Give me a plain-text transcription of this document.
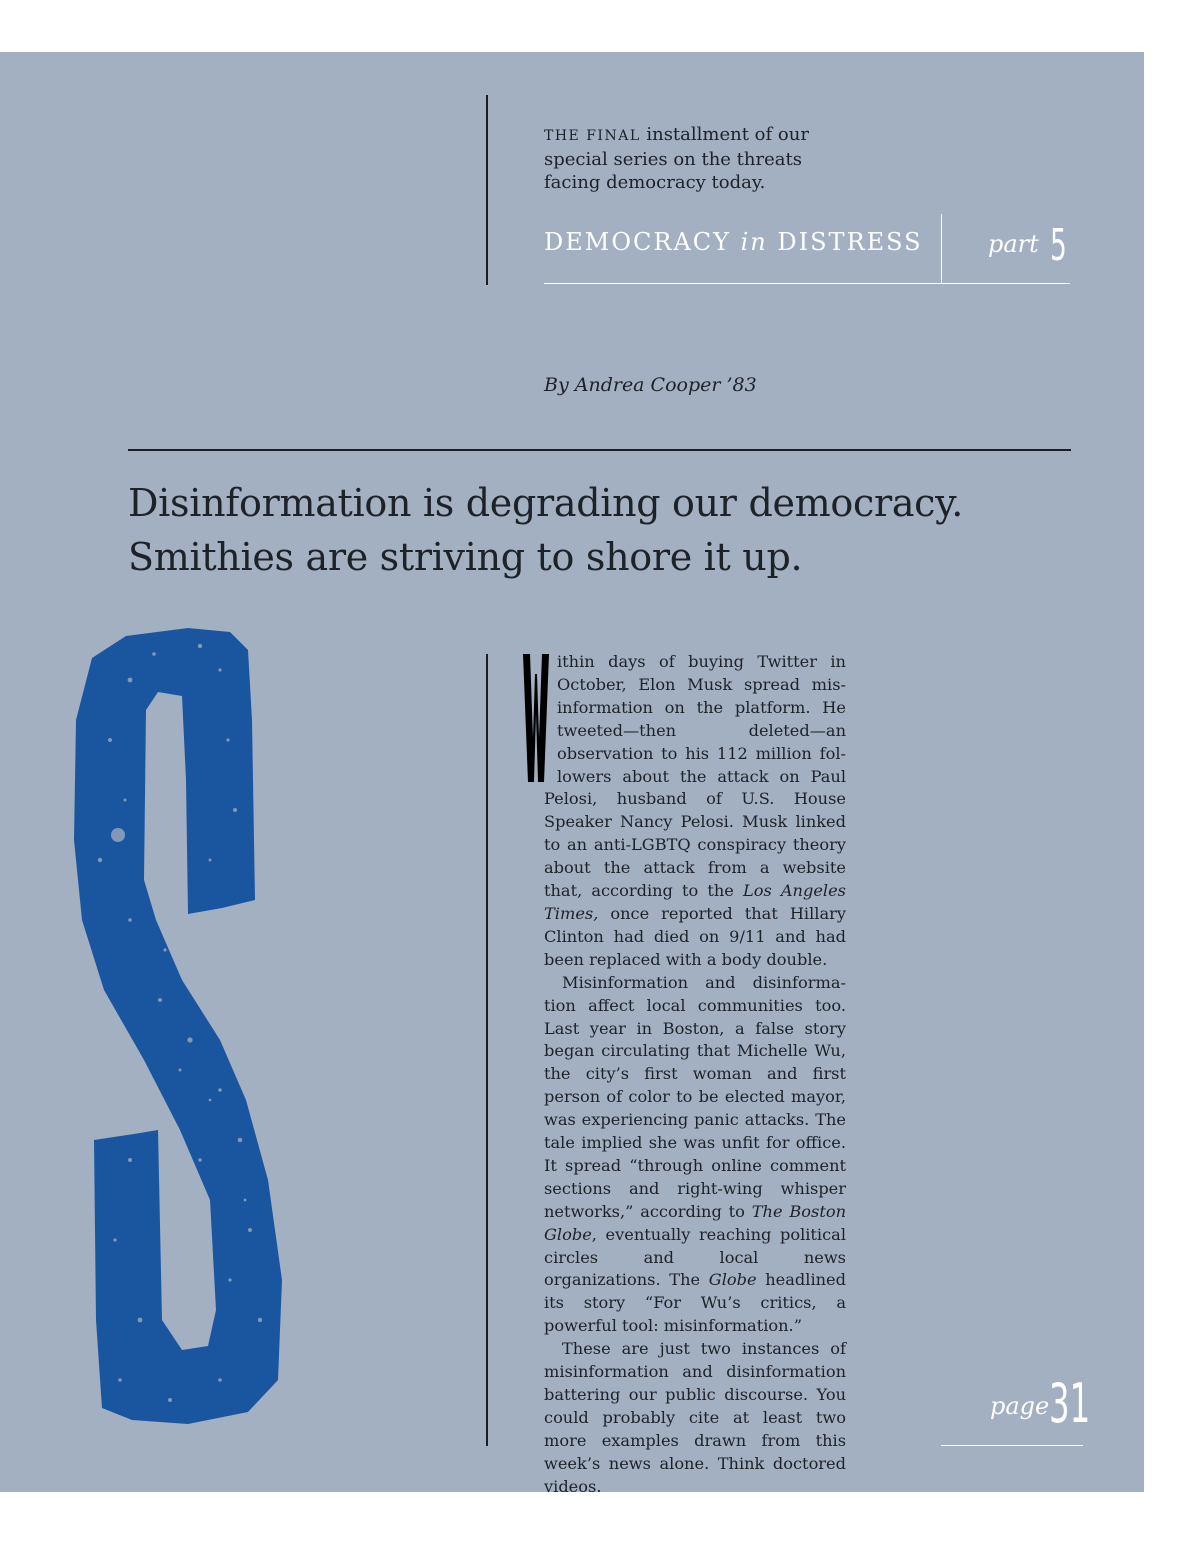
THE FINAL installment of our special series on the threats facing democracy today.
DEMOCRACY in DISTRESS	part 5
By Andrea Cooper ’83
Disinformation is degrading our democracy.
Smithies are striving to shore it up.

ithin days of buying Twitter in October, Elon Musk spread misinformation on the platform. He tweeted—then deleted—an observation to his 112 million followers about the attack on Paul Pelosi, husband of U.S. House Speaker Nancy Pelosi. Musk linked to an anti-LGBTQ conspiracy theory about the attack from a website that, according to the Los Angeles Times, once reported that Hillary Clinton had died on 9/11 and had been replaced with a body double.

Misinformation and disinformation affect local communities too. Last year in Boston, a false story began circulating that Michelle Wu, the city’s first woman and first person of color to be elected mayor, was experiencing panic attacks. The tale implied she was unfit for office. It spread “through online comment sections and right-wing whisper networks,” according to The Boston Globe, eventually reaching political circles and local news organizations. The Globe headlined its story “For Wu’s critics, a powerful tool: misinformation.”

These are just two instances of misinformation and disinformation battering our public discourse. You could probably cite at least two more examples drawn from this week’s news alone. Think doctored videos.

page 31
